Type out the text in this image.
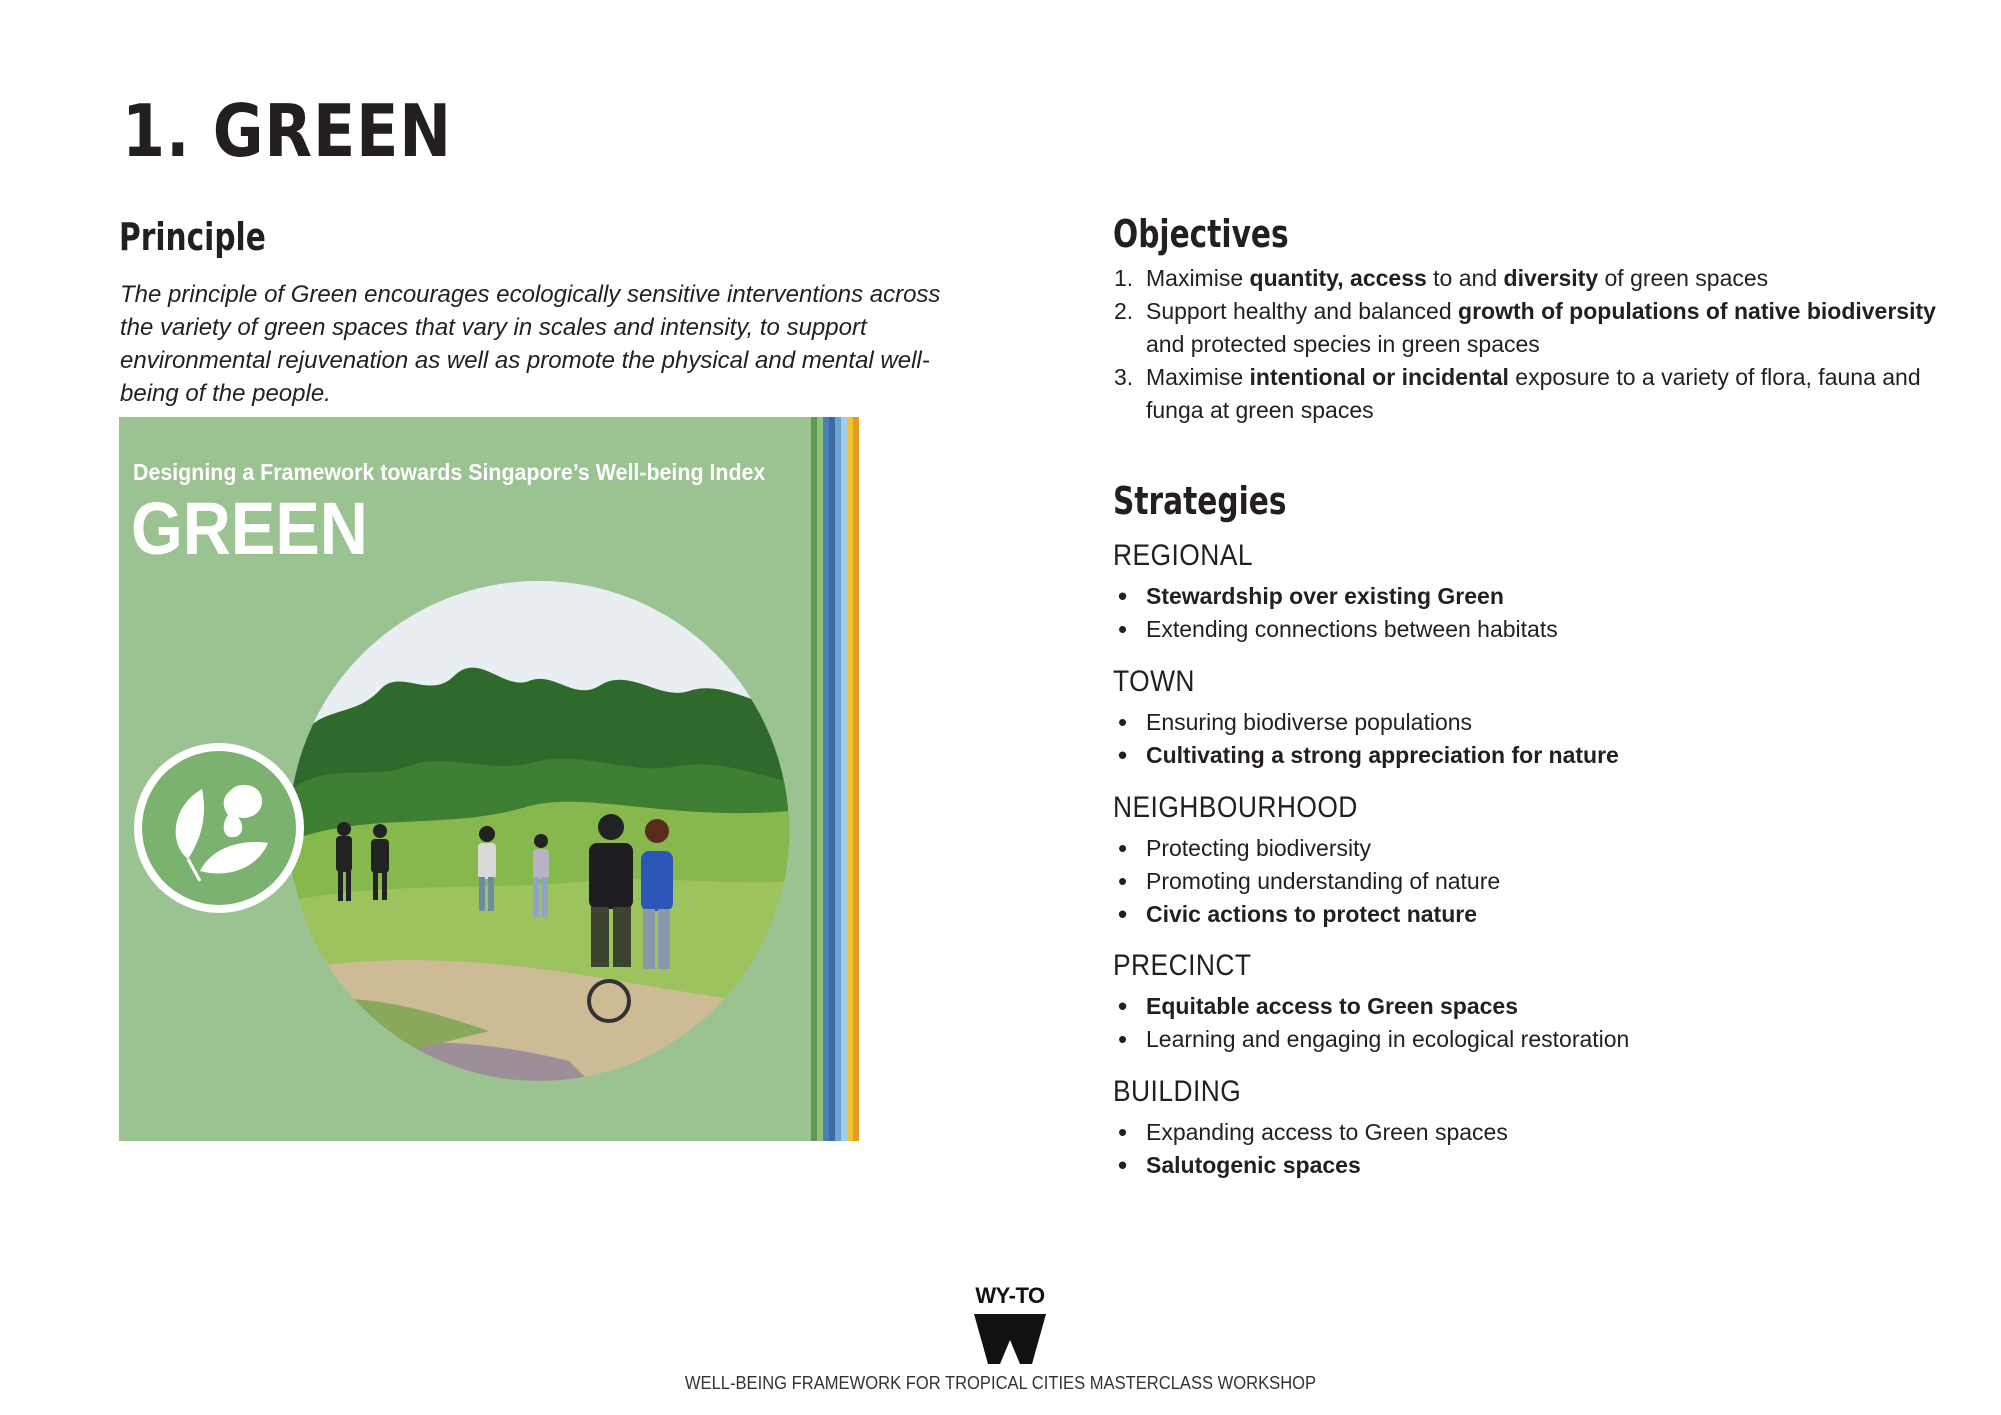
1. GREEN
Principle

The principle of Green encourages ecologically sensitive interventions across the variety of green spaces that vary in scales and intensity, to support environmental rejuvenation as well as promote the physical and mental well-being of the people.

Designing a Framework towards Singapore’s Well-being Index

GREEN

Objectives
1. Maximise quantity, access to and diversity of green spaces
2. Support healthy and balanced growth of populations of native biodiversity and protected species in green spaces
3. Maximise intentional or incidental exposure to a variety of flora, fauna and funga at green spaces
Strategies
REGIONAL
• Stewardship over existing Green
• Extending connections between habitats
TOWN
• Ensuring biodiverse populations
• Cultivating a strong appreciation for nature
NEIGHBOURHOOD
• Protecting biodiversity
• Promoting understanding of nature
• Civic actions to protect nature
PRECINCT
• Equitable access to Green spaces
• Learning and engaging in ecological restoration
BUILDING
• Expanding access to Green spaces
• Salutogenic spaces
WY-TO

WELL-BEING FRAMEWORK FOR TROPICAL CITIES MASTERCLASS WORKSHOP
